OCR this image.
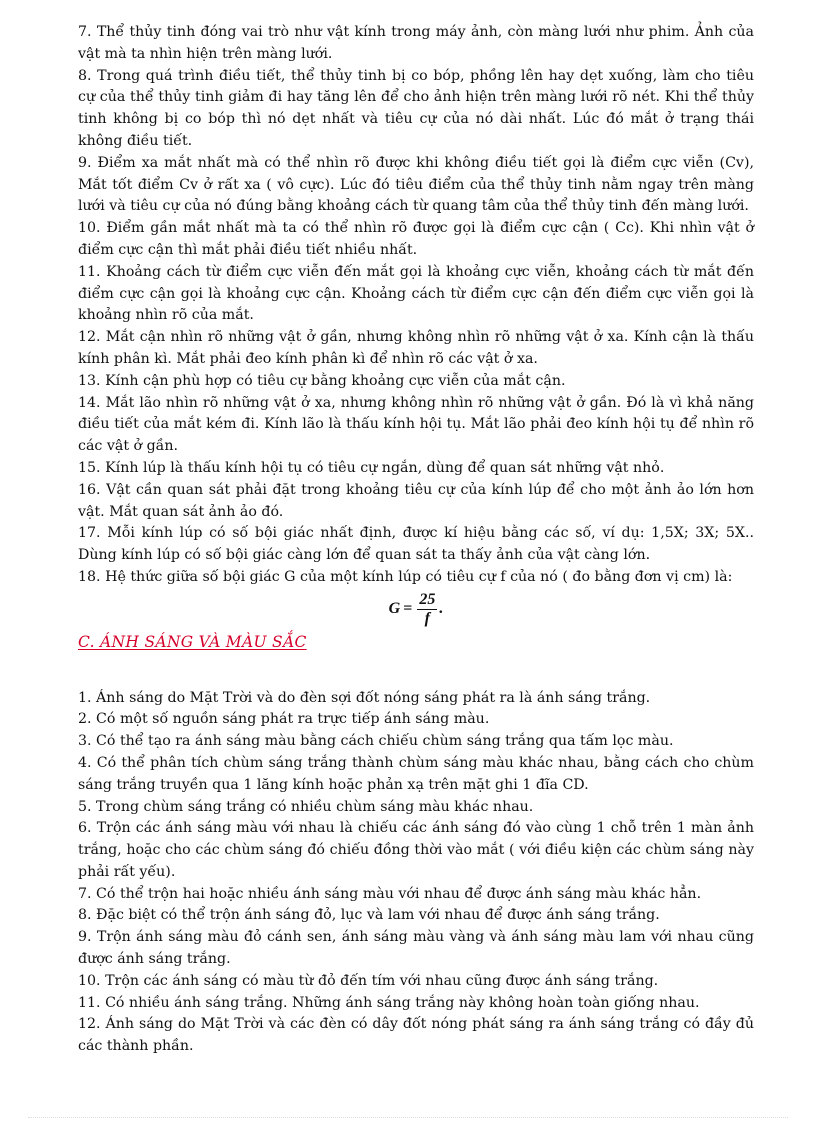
7. Thể thủy tinh đóng vai trò như vật kính trong máy ảnh, còn màng lưới như phim. Ảnh của vật mà ta nhìn hiện trên màng lưới.

8. Trong quá trình điều tiết, thể thủy tinh bị co bóp, phồng lên hay dẹt xuống, làm cho tiêu cự của thể thủy tinh giảm đi hay tăng lên để cho ảnh hiện trên màng lưới rõ nét. Khi thể thủy tinh không bị co bóp thì nó dẹt nhất và tiêu cự của nó dài nhất. Lúc đó mắt ở trạng thái không điều tiết.

9. Điểm xa mắt nhất mà có thể nhìn rõ được khi không điều tiết gọi là điểm cực viễn (Cv), Mắt tốt điểm Cv ở rất xa ( vô cực). Lúc đó tiêu điểm của thể thủy tinh nằm ngay trên màng lưới và tiêu cự của nó đúng bằng khoảng cách từ quang tâm của thể thủy tinh đến màng lưới.

10. Điểm gần mắt nhất mà ta có thể nhìn rõ được gọi là điểm cực cận ( Cc). Khi nhìn vật ở điểm cực cận thì mắt phải điều tiết nhiều nhất.

11. Khoảng cách từ điểm cực viễn đến mắt gọi là khoảng cực viễn, khoảng cách từ mắt đến điểm cực cận gọi là khoảng cực cận. Khoảng cách từ điểm cực cận đến điểm cực viễn gọi là khoảng nhìn rõ của mắt.

12. Mắt cận nhìn rõ những vật ở gần, nhưng không nhìn rõ những vật ở xa. Kính cận là thấu kính phân kì. Mắt phải đeo kính phân kì để nhìn rõ các vật ở xa.

13. Kính cận phù hợp có tiêu cự bằng khoảng cực viễn của mắt cận.

14. Mắt lão nhìn rõ những vật ở xa, nhưng không nhìn rõ những vật ở gần. Đó là vì khả năng điều tiết của mắt kém đi. Kính lão là thấu kính hội tụ. Mắt lão phải đeo kính hội tụ để nhìn rõ các vật ở gần.

15. Kính lúp là thấu kính hội tụ có tiêu cự ngắn, dùng để quan sát những vật nhỏ.

16. Vật cần quan sát phải đặt trong khoảng tiêu cự của kính lúp để cho một ảnh ảo lớn hơn vật. Mắt quan sát ảnh ảo đó.

17. Mỗi kính lúp có số bội giác nhất định, được kí hiệu bằng các số, ví dụ: 1,5X; 3X; 5X.. Dùng kính lúp có số bội giác càng lớn để quan sát ta thấy ảnh của vật càng lớn.

18. Hệ thức giữa số bội giác G của một kính lúp có tiêu cự f của nó ( đo bằng đơn vị cm) là:

$G = \frac{25}{f}$ .
C. ÁNH SÁNG VÀ MÀU SẮC

1. Ánh sáng do Mặt Trời và do đèn sợi đốt nóng sáng phát ra là ánh sáng trắng.

2. Có một số nguồn sáng phát ra trực tiếp ánh sáng màu.

3. Có thể tạo ra ánh sáng màu bằng cách chiếu chùm sáng trắng qua tấm lọc màu.

4. Có thể phân tích chùm sáng trắng thành chùm sáng màu khác nhau, bằng cách cho chùm sáng trắng truyền qua 1 lăng kính hoặc phản xạ trên mặt ghi 1 đĩa CD.

5. Trong chùm sáng trắng có nhiều chùm sáng màu khác nhau.

6. Trộn các ánh sáng màu với nhau là chiếu các ánh sáng đó vào cùng 1 chỗ trên 1 màn ảnh trắng, hoặc cho các chùm sáng đó chiếu đồng thời vào mắt ( với điều kiện các chùm sáng này phải rất yếu).

7. Có thể trộn hai hoặc nhiều ánh sáng màu với nhau để được ánh sáng màu khác hẳn.

8. Đặc biệt có thể trộn ánh sáng đỏ, lục và lam với nhau để được ánh sáng trắng.

9. Trộn ánh sáng màu đỏ cánh sen, ánh sáng màu vàng và ánh sáng màu lam với nhau cũng được ánh sáng trắng.

10. Trộn các ánh sáng có màu từ đỏ đến tím với nhau cũng được ánh sáng trắng.

11. Có nhiều ánh sáng trắng. Những ánh sáng trắng này không hoàn toàn giống nhau.

12. Ánh sáng do Mặt Trời và các đèn có dây đốt nóng phát sáng ra ánh sáng trắng có đầy đủ các thành phần.
